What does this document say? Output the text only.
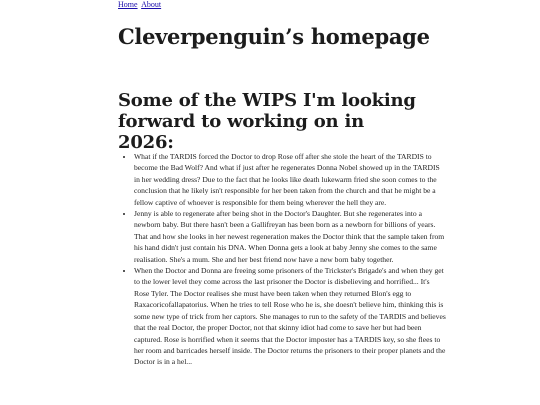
Home About
Cleverpenguin’s homepage
Some of the WIPS I'm looking forward to working on in 2026:
• What if the TARDIS forced the Doctor to drop Rose off after she stole the heart of the TARDIS to become the Bad Wolf? And what if just after he regenerates Donna Nobel showed up in the TARDIS in her wedding dress? Due to the fact that he looks like death lukewarm fried she soon comes to the conclusion that he likely isn't responsible for her been taken from the church and that he might be a fellow captive of whoever is responsible for them being wherever the hell they are.
• Jenny is able to regenerate after being shot in the Doctor's Daughter. But she regenerates into a newborn baby. But there hasn't been a Gallifreyan has been born as a newborn for billions of years. That and how she looks in her newest regeneration makes the Doctor think that the sample taken from his hand didn't just contain his DNA. When Donna gets a look at baby Jenny she comes to the same realisation. She's a mum. She and her best friend now have a new born baby together.
• When the Doctor and Donna are freeing some prisoners of the Trickster's Brigade's and when they get to the lower level they come across the last prisoner the Doctor is disbelieving and horrified... It's Rose Tyler. The Doctor realises she must have been taken when they returned Blon's egg to Raxacoricofallapatorius. When he tries to tell Rose who he is, she doesn't believe him, thinking this is some new type of trick from her captors. She manages to run to the safety of the TARDIS and believes that the real Doctor, the proper Doctor, not that skinny idiot had come to save her but had been captured. Rose is horrified when it seems that the Doctor imposter has a TARDIS key, so she flees to her room and barricades herself inside. The Doctor returns the prisoners to their proper planets and the Doctor is in a hel...
